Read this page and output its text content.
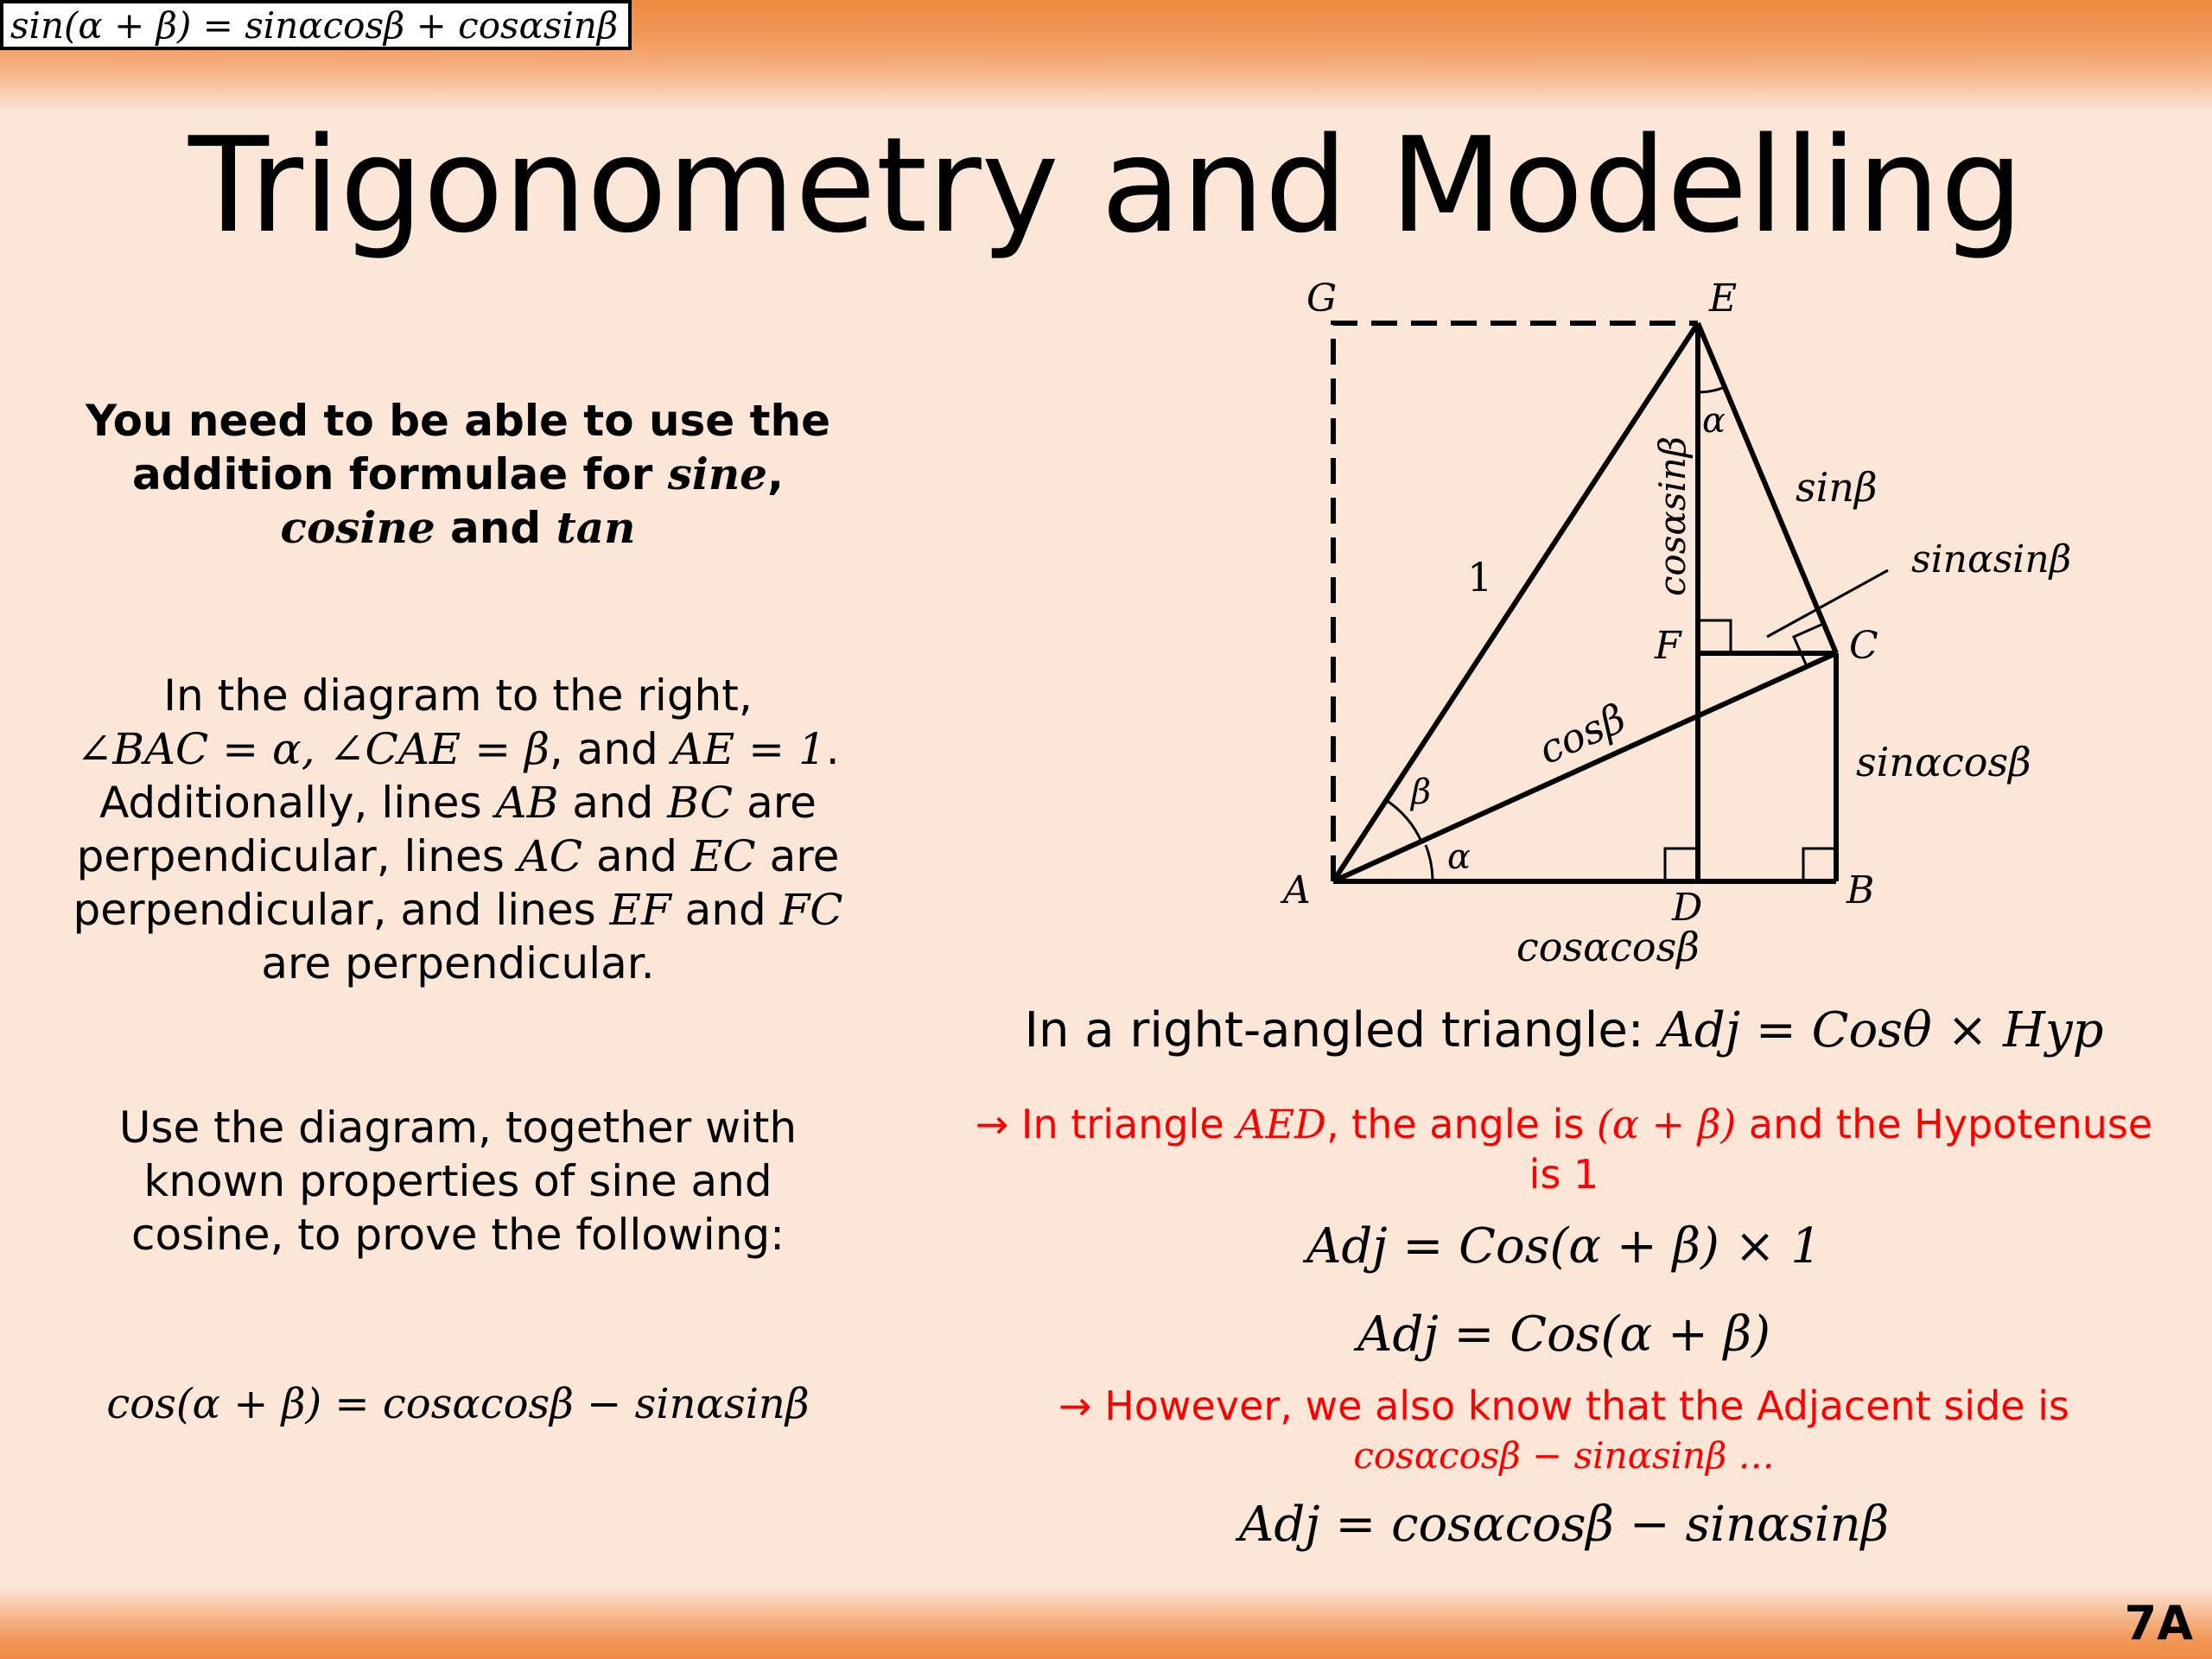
sin(α + β) = sinαcosβ + cosαsinβ
Trigonometry and Modelling
You need to be able to use the
addition formulae for sine,
cosine and tan
In the diagram to the right,
∠BAC = α, ∠CAE = β, and AE = 1.
Additionally, lines AB and BC are
perpendicular, lines AC and EC are
perpendicular, and lines EF and FC
are perpendicular.
Use the diagram, together with
known properties of sine and
cosine, to prove the following:
cos(α + β) = cosαcosβ − sinαsinβ
G	E
A	D	B
C
F
1
α
α
β
cosαsinβ	sinβ
sinαsinβ
cosβ	sinαcosβ
cosαcosβ
In a right-angled triangle: Adj = Cosθ × Hyp
→ In triangle AED, the angle is (α + β) and the Hypotenuse
is 1
Adj = Cos(α + β) × 1
Adj = Cos(α + β)
→ However, we also know that the Adjacent side is
cosαcosβ − sinαsinβ …
Adj = cosαcosβ − sinαsinβ
7A
